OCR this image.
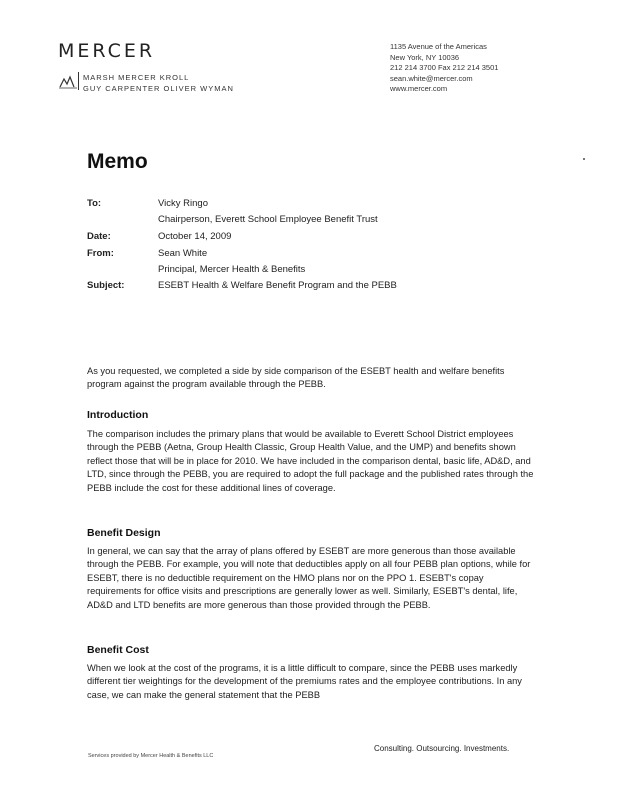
MERCER
MARSH MERCER KROLL
GUY CARPENTER OLIVER WYMAN
1135 Avenue of the Americas
New York, NY 10036
212 214 3700 Fax 212 214 3501
sean.white@mercer.com
www.mercer.com
Memo
To:	Vicky Ringo
Chairperson, Everett School Employee Benefit Trust
Date:	October 14, 2009
From:	Sean White
Principal, Mercer Health & Benefits
Subject:	ESEBT Health & Welfare Benefit Program and the PEBB
As you requested, we completed a side by side comparison of the ESEBT health and welfare benefits program against the program available through the PEBB.
Introduction
The comparison includes the primary plans that would be available to Everett School District employees through the PEBB (Aetna, Group Health Classic, Group Health Value, and the UMP) and benefits shown reflect those that will be in place for 2010. We have included in the comparison dental, basic life, AD&D, and LTD, since through the PEBB, you are required to adopt the full package and the published rates through the PEBB include the cost for these additional lines of coverage.
Benefit Design
In general, we can say that the array of plans offered by ESEBT are more generous than those available through the PEBB. For example, you will note that deductibles apply on all four PEBB plan options, while for ESEBT, there is no deductible requirement on the HMO plans nor on the PPO 1. ESEBT's copay requirements for office visits and prescriptions are generally lower as well. Similarly, ESEBT's dental, life, AD&D and LTD benefits are more generous than those provided through the PEBB.
Benefit Cost
When we look at the cost of the programs, it is a little difficult to compare, since the PEBB uses markedly different tier weightings for the development of the premiums rates and the employee contributions. In any case, we can make the general statement that the PEBB
Services provided by Mercer Health & Benefits LLC
Consulting. Outsourcing. Investments.
